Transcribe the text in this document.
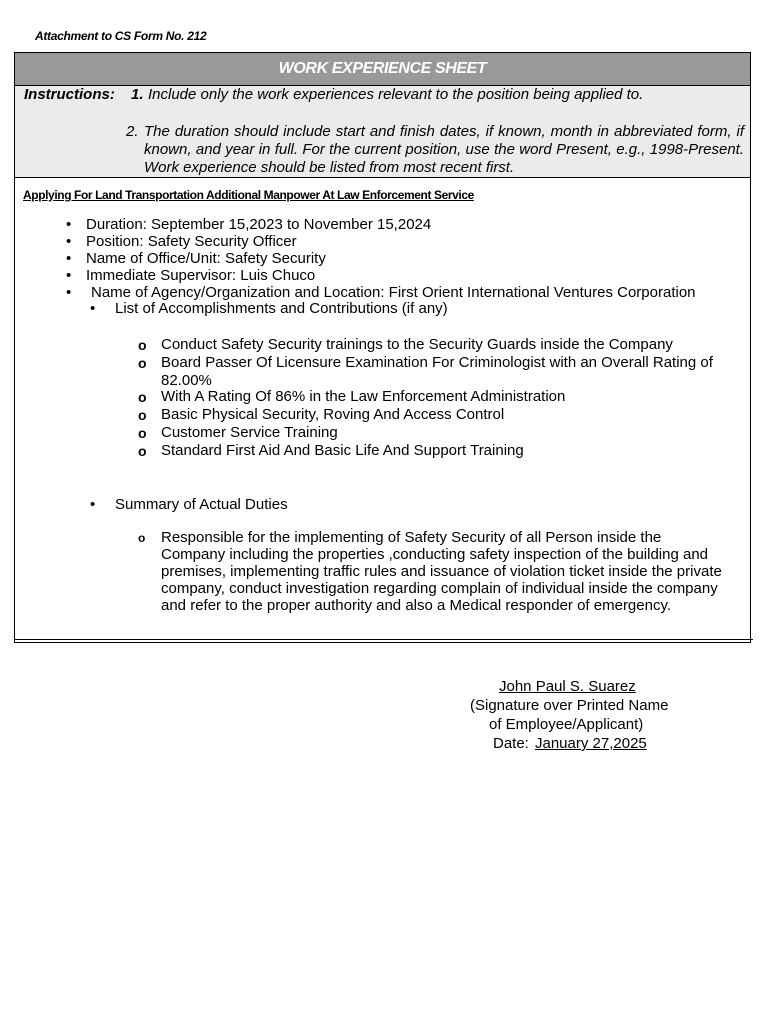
Attachment to CS Form No. 212
WORK EXPERIENCE SHEET
Instructions: 1. Include only the work experiences relevant to the position being applied to.
2. The duration should include start and finish dates, if known, month in abbreviated form, if known, and year in full. For the current position, use the word Present, e.g., 1998-Present. Work experience should be listed from most recent first.
Applying For Land Transportation Additional Manpower At Law Enforcement Service
• Duration: September 15,2023 to November 15,2024
• Position: Safety Security Officer
• Name of Office/Unit: Safety Security
• Immediate Supervisor: Luis Chuco
• Name of Agency/Organization and Location: First Orient International Ventures Corporation
• List of Accomplishments and Contributions (if any)
o Conduct Safety Security trainings to the Security Guards inside the Company
o Board Passer Of Licensure Examination For Criminologist with an Overall Rating of
82.00%
o With A Rating Of 86% in the Law Enforcement Administration
o Basic Physical Security, Roving And Access Control
o Customer Service Training
o Standard First Aid And Basic Life And Support Training
• Summary of Actual Duties
o Responsible for the implementing of Safety Security of all Person inside the
Company including the properties ,conducting safety inspection of the building and
premises, implementing traffic rules and issuance of violation ticket inside the private
company, conduct investigation regarding complain of individual inside the company
and refer to the proper authority and also a Medical responder of emergency.
John Paul S. Suarez
(Signature over Printed Name
of Employee/Applicant)
Date: January 27,2025
